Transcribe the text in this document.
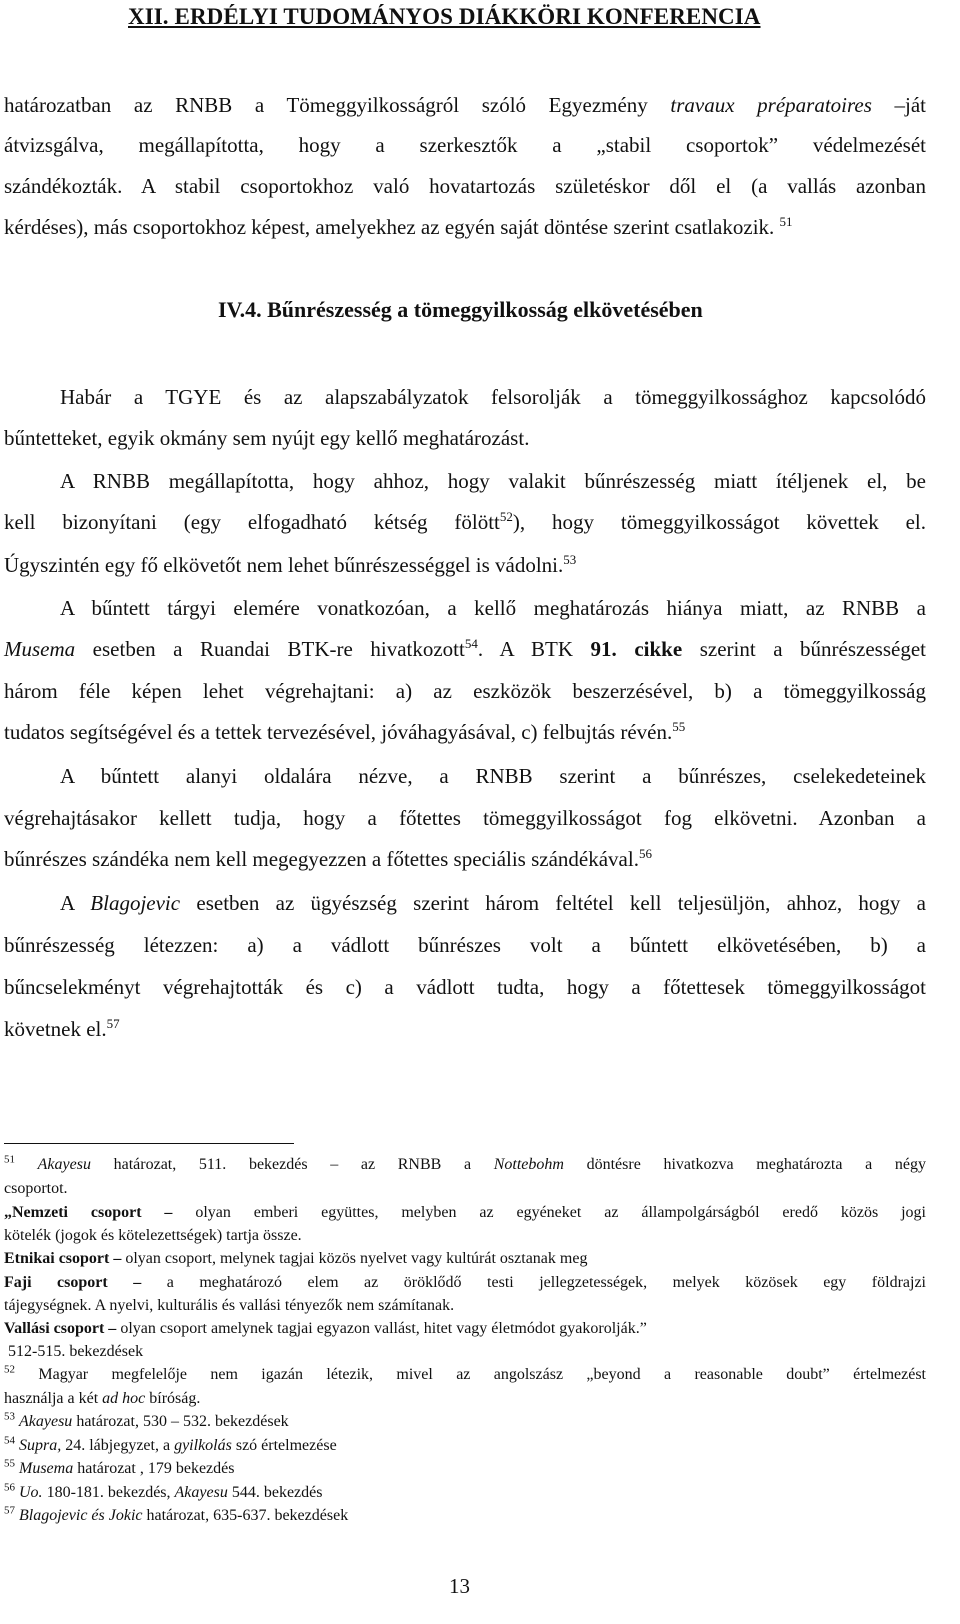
XII. ERDÉLYI TUDOMÁNYOS DIÁKKÖRI KONFERENCIA
határozatban az RNBB a Tömeggyilkosságról szóló Egyezmény travaux préparatoires –ját
átvizsgálva, megállapította, hogy a szerkesztők a „stabil csoportok” védelmezését
szándékozták. A stabil csoportokhoz való hovatartozás születéskor dől el (a vallás azonban
kérdéses), más csoportokhoz képest, amelyekhez az egyén saját döntése szerint csatlakozik. $^{51}$
IV.4. Bűnrészesség a tömeggyilkosság elkövetésében
Habár a TGYE és az alapszabályzatok felsorolják a tömeggyilkossághoz kapcsolódó
bűntetteket, egyik okmány sem nyújt egy kellő meghatározást.
A RNBB megállapította, hogy ahhoz, hogy valakit bűnrészesség miatt ítéljenek el, be
kell bizonyítani (egy elfogadható kétség fölött$^{52}$), hogy tömeggyilkosságot követtek el.
Úgyszintén egy fő elkövetőt nem lehet bűnrészességgel is vádolni.$^{53}$
A bűntett tárgyi elemére vonatkozóan, a kellő meghatározás hiánya miatt, az RNBB a
Musema esetben a Ruandai BTK-re hivatkozott$^{54}$. A BTK 91. cikke szerint a bűnrészességet
három féle képen lehet végrehajtani: a) az eszközök beszerzésével, b) a tömeggyilkosság
tudatos segítségével és a tettek tervezésével, jóváhagyásával, c) felbujtás révén.$^{55}$
A bűntett alanyi oldalára nézve, a RNBB szerint a bűnrészes, cselekedeteinek
végrehajtásakor kellett tudja, hogy a főtettes tömeggyilkosságot fog elkövetni. Azonban a
bűnrészes szándéka nem kell megegyezzen a főtettes speciális szándékával.$^{56}$
A Blagojevic esetben az ügyészség szerint három feltétel kell teljesüljön, ahhoz, hogy a
bűnrészesség létezzen: a) a vádlott bűnrészes volt a bűntett elkövetésében, b) a
bűncselekményt végrehajtották és c) a vádlott tudta, hogy a főtettesek tömeggyilkosságot
követnek el.$^{57}$
$^{51}$ Akayesu határozat, 511. bekezdés – az RNBB a Nottebohm döntésre hivatkozva meghatározta a négy
csoportot.
„Nemzeti csoport – olyan emberi együttes, melyben az egyéneket az állampolgárságból eredő közös jogi
kötelék (jogok és kötelezettségek) tartja össze.
Etnikai csoport – olyan csoport, melynek tagjai közös nyelvet vagy kultúrát osztanak meg
Faji csoport – a meghatározó elem az öröklődő testi jellegzetességek, melyek közösek egy földrajzi
tájegységnek. A nyelvi, kulturális és vallási tényezők nem számítanak.
Vallási csoport – olyan csoport amelynek tagjai egyazon vallást, hitet vagy életmódot gyakorolják.”
512-515. bekezdések
$^{52}$ Magyar megfelelője nem igazán létezik, mivel az angolszász „beyond a reasonable doubt” értelmezést
használja a két ad hoc bíróság.
$^{53}$ Akayesu határozat, 530 – 532. bekezdések
$^{54}$ Supra, 24. lábjegyzet, a gyilkolás szó értelmezése
$^{55}$ Musema határozat , 179 bekezdés
$^{56}$ Uo. 180-181. bekezdés, Akayesu 544. bekezdés
$^{57}$ Blagojevic és Jokic határozat, 635-637. bekezdések
13
